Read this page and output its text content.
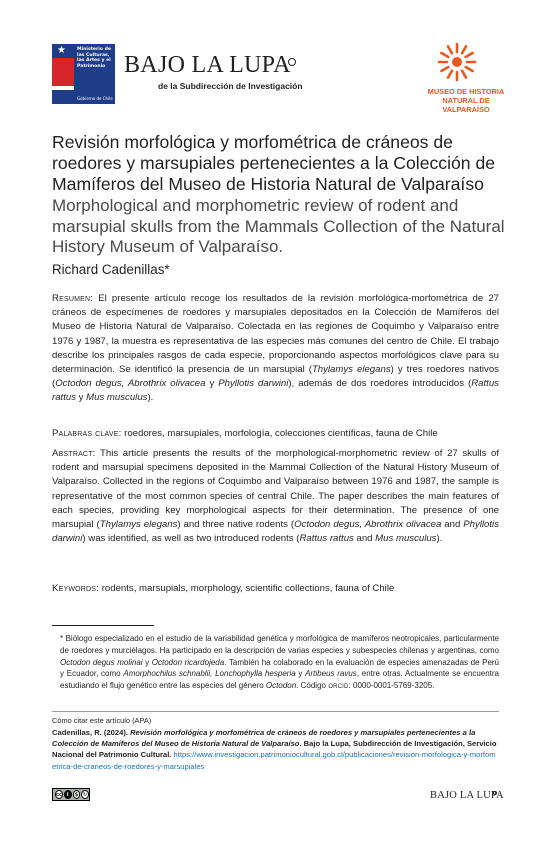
★ Ministerio de las Culturas, las Artes y el Patrimonio
Gobierno de Chile
BAJO LA LUPA
de la Subdirección de Investigación
MUSEO DE HISTORIA
NATURAL DE VALPARAÍSO
Revisión morfológica y morfométrica de cráneos de roedores y marsupiales pertenecientes a la Colección de Mamíferos del Museo de Historia Natural de Valparaíso
Morphological and morphometric review of rodent and marsupial skulls from the Mammals Collection of the Natural History Museum of Valparaíso.
Richard Cadenillas*
Resumen: El presente artículo recoge los resultados de la revisión morfológica-morfométrica de 27 cráneos de especímenes de roedores y marsupiales depositados en la Colección de Mamíferos del Museo de Historia Natural de Valparaíso. Colectada en las regiones de Coquimbo y Valparaíso entre 1976 y 1987, la muestra es representativa de las especies más comunes del centro de Chile. El trabajo describe los principales rasgos de cada especie, proporcionando aspectos morfológicos clave para su determinación. Se identificó la presencia de un marsupial (Thylamys elegans) y tres roedores nativos (Octodon degus, Abrothrix olivacea y Phyllotis darwini), además de dos roedores introducidos (Rattus rattus y Mus musculus).
Palabras clave: roedores, marsupiales, morfología, colecciones científicas, fauna de Chile
Abstract: This article presents the results of the morphological-morphometric review of 27 skulls of rodent and marsupial specimens deposited in the Mammal Collection of the Natural History Museum of Valparaíso. Collected in the regions of Coquimbo and Valparaíso between 1976 and 1987, the sample is representative of the most common species of central Chile. The paper describes the main features of each species, providing key morphological aspects for their determination. The presence of one marsupial (Thylamys elegans) and three native rodents (Octodon degus, Abrothrix olivacea and Phyllotis darwini) was identified, as well as two introduced rodents (Rattus rattus and Mus musculus).
Keywords: rodents, marsupials, morphology, scientific collections, fauna of Chile
* Biólogo especializado en el estudio de la variabilidad genética y morfológica de mamíferos neotropicales, particularmente de roedores y murciélagos. Ha participado en la descripción de varias especies y subespecies chilenas y argentinas, como Octodon degus molinai y Octodon ricardojeda. También ha colaborado en la evaluación de especies amenazadas de Perú y Ecuador, como Amorphochilus schnablii, Lonchophylla hesperia y Artibeus ravus, entre otras. Actualmente se encuentra estudiando el flujo genético entre las especies del género Octodon. Código orcid: 0000-0001-5769-3205.
Cómo citar este artículo (APA)
Cadenillas, R. (2024). Revisión morfológica y morfométrica de cráneos de roedores y marsupiales pertenecientes a la Colección de Mamíferos del Museo de Historia Natural de Valparaíso. Bajo la Lupa, Subdirección de Investigación, Servicio Nacional del Patrimonio Cultural. https://www.investigacion.patrimoniocultural.gob.cl/publicaciones/revision-morfologica-y-morfometrica-de-craneos-de-roedores-y-marsupiales
cc i	$ ↻	BAJO LA LUPA
